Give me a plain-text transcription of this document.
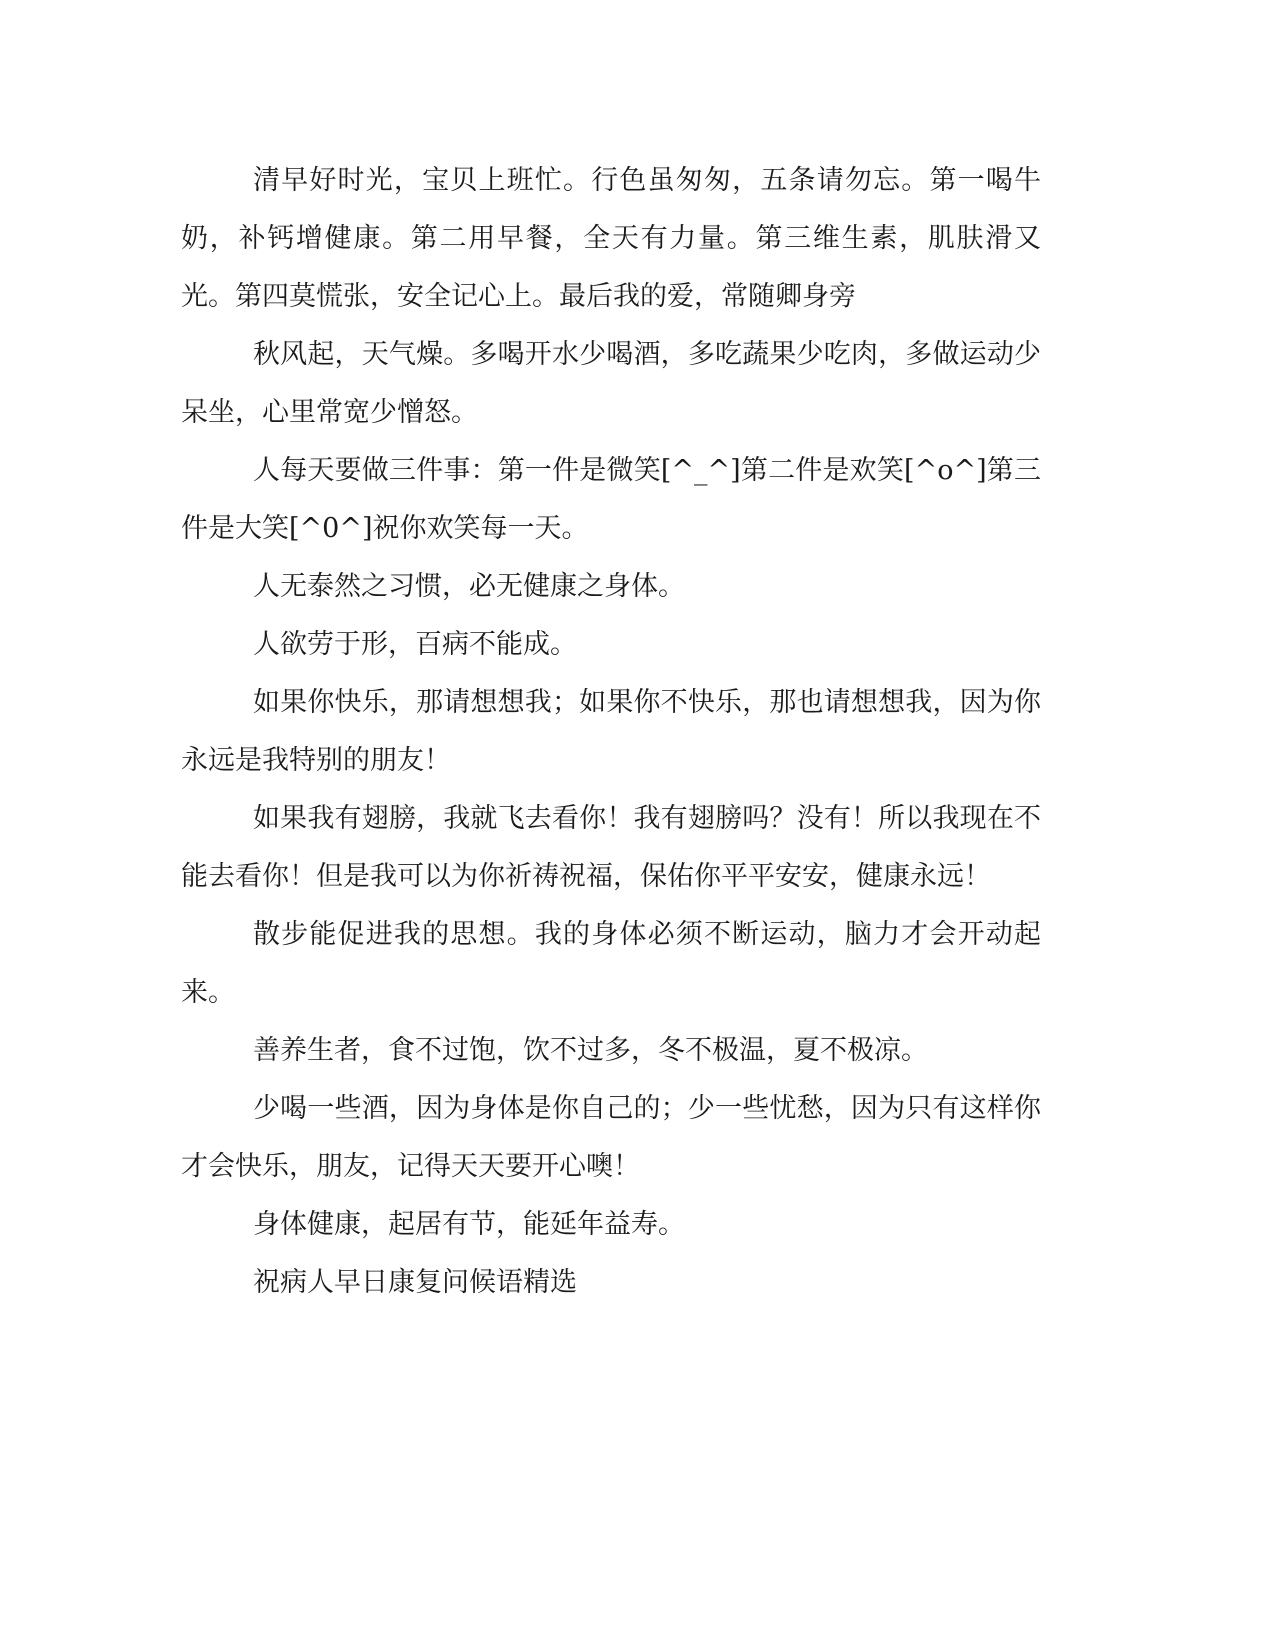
清早好时光，宝贝上班忙。行色虽匆匆，五条请勿忘。第一喝牛奶，补钙增健康。第二用早餐，全天有力量。第三维生素，肌肤滑又光。第四莫慌张，安全记心上。最后我的爱，常随卿身旁

秋风起，天气燥。多喝开水少喝酒，多吃蔬果少吃肉，多做运动少呆坐，心里常宽少憎怒。

人每天要做三件事：第一件是微笑[^_^]第二件是欢笑[^o^]第三件是大笑[^0^]祝你欢笑每一天。

人无泰然之习惯，必无健康之身体。

人欲劳于形，百病不能成。

如果你快乐，那请想想我；如果你不快乐，那也请想想我，因为你永远是我特别的朋友！

如果我有翅膀，我就飞去看你！我有翅膀吗？没有！所以我现在不能去看你！但是我可以为你祈祷祝福，保佑你平平安安，健康永远！

散步能促进我的思想。我的身体必须不断运动，脑力才会开动起来。

善养生者，食不过饱，饮不过多，冬不极温，夏不极凉。

少喝一些酒，因为身体是你自己的；少一些忧愁，因为只有这样你才会快乐，朋友，记得天天要开心噢！

身体健康，起居有节，能延年益寿。

祝病人早日康复问候语精选
